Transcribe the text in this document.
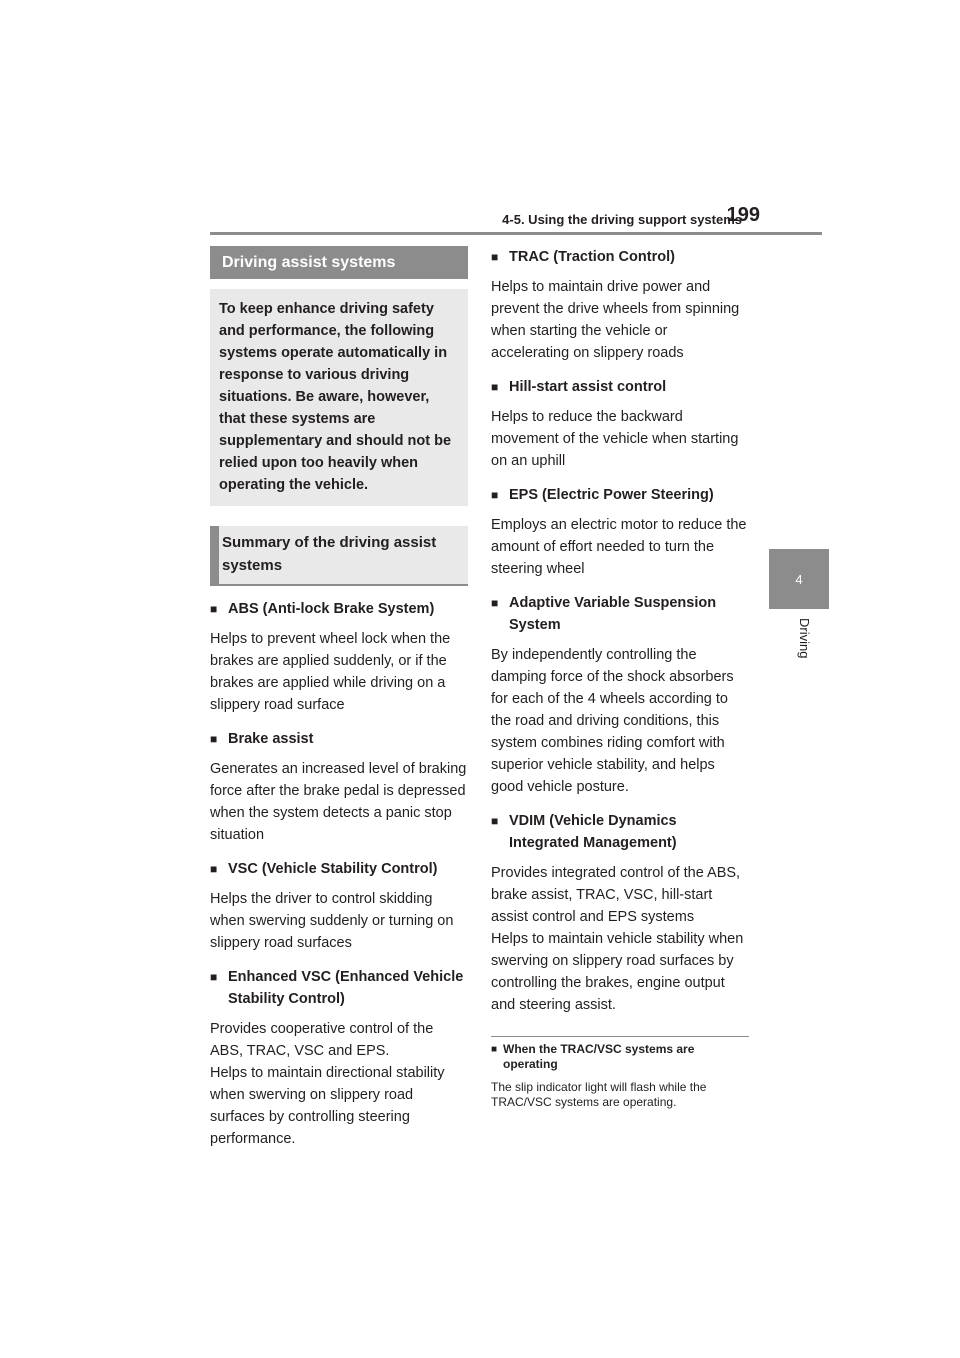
4-5. Using the driving support systems
199
4
Driving
Driving assist systems
To keep enhance driving safety and performance, the following systems operate automatically in response to various driving situations. Be aware, however, that these systems are supplementary and should not be relied upon too heavily when operating the vehicle.
Summary of the driving assist systems
■ ABS (Anti-lock Brake System)
Helps to prevent wheel lock when the brakes are applied suddenly, or if the brakes are applied while driving on a slippery road surface
■ Brake assist
Generates an increased level of braking force after the brake pedal is depressed when the system detects a panic stop situation
■ VSC (Vehicle Stability Control)
Helps the driver to control skidding when swerving suddenly or turning on slippery road surfaces
■ Enhanced VSC (Enhanced Vehicle Stability Control)
Provides cooperative control of the ABS, TRAC, VSC and EPS.
Helps to maintain directional stability when swerving on slippery road surfaces by controlling steering performance.
■ TRAC (Traction Control)
Helps to maintain drive power and prevent the drive wheels from spinning when starting the vehicle or accelerating on slippery roads
■ Hill-start assist control
Helps to reduce the backward movement of the vehicle when starting on an uphill
■ EPS (Electric Power Steering)
Employs an electric motor to reduce the amount of effort needed to turn the steering wheel
■ Adaptive Variable Suspension System
By independently controlling the damping force of the shock absorbers for each of the 4 wheels according to the road and driving conditions, this system combines riding comfort with superior vehicle stability, and helps good vehicle posture.
■ VDIM (Vehicle Dynamics Integrated Management)
Provides integrated control of the ABS, brake assist, TRAC, VSC, hill-start assist control and EPS systems
Helps to maintain vehicle stability when swerving on slippery road surfaces by controlling the brakes, engine output and steering assist.
■ When the TRAC/VSC systems are operating
The slip indicator light will flash while the TRAC/VSC systems are operating.
